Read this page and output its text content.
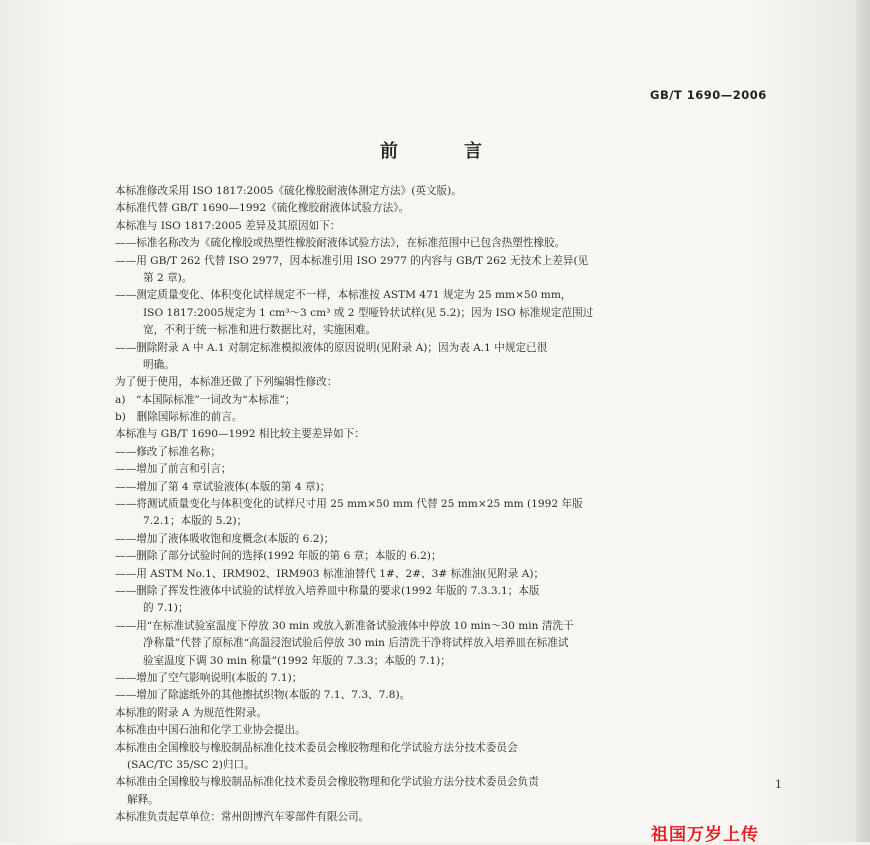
GB/T 1690—2006
前　言
本标准修改采用 ISO 1817:2005《硫化橡胶耐液体测定方法》(英文版)。
本标准代替 GB/T 1690—1992《硫化橡胶耐液体试验方法》。
本标准与 ISO 1817:2005 差异及其原因如下：
——标准名称改为《硫化橡胶或热塑性橡胶耐液体试验方法》，在标准范围中已包含热塑性橡胶。
——用 GB/T 262 代替 ISO 2977，因本标准引用 ISO 2977 的内容与 GB/T 262 无技术上差异(见
第 2 章)。
——测定质量变化、体积变化试样规定不一样，本标准按 ASTM 471 规定为 25 mm×50 mm，
ISO 1817:2005规定为 1 cm³～3 cm³ 或 2 型哑铃状试样(见 5.2)；因为 ISO 标准规定范围过
宽，不利于统一标准和进行数据比对，实施困难。
——删除附录 A 中 A.1 对制定标准模拟液体的原因说明(见附录 A)；因为表 A.1 中规定已很
明确。
为了便于使用，本标准还做了下列编辑性修改：
a)　“本国际标准”一词改为“本标准”；
b)　删除国际标准的前言。
本标准与 GB/T 1690—1992 相比较主要差异如下：
——修改了标准名称；
——增加了前言和引言；
——增加了第 4 章试验液体(本版的第 4 章)；
——将测试质量变化与体积变化的试样尺寸用 25 mm×50 mm 代替 25 mm×25 mm (1992 年版
7.2.1；本版的 5.2)；
——增加了液体吸收饱和度概念(本版的 6.2)；
——删除了部分试验时间的选择(1992 年版的第 6 章；本版的 6.2)；
——用 ASTM No.1、IRM902、IRM903 标准油替代 1#、2#、3# 标准油(见附录 A)；
——删除了挥发性液体中试验的试样放入培养皿中称量的要求(1992 年版的 7.3.3.1；本版
的 7.1)；
——用“在标准试验室温度下停放 30 min 或放入新准备试验液体中停放 10 min～30 min 清洗干
净称量”代替了原标准“高温浸泡试验后停放 30 min 后清洗干净将试样放入培养皿在标准试
验室温度下调 30 min 称量”(1992 年版的 7.3.3；本版的 7.1)；
——增加了空气影响说明(本版的 7.1)；
——增加了除滤纸外的其他擦拭织物(本版的 7.1、7.3、7.8)。
本标准的附录 A 为规范性附录。
本标准由中国石油和化学工业协会提出。
本标准由全国橡胶与橡胶制品标准化技术委员会橡胶物理和化学试验方法分技术委员会
(SAC/TC 35/SC 2)归口。
本标准由全国橡胶与橡胶制品标准化技术委员会橡胶物理和化学试验方法分技术委员会负责
解释。
本标准负责起草单位：常州朗博汽车零部件有限公司。
1
祖国万岁上传
